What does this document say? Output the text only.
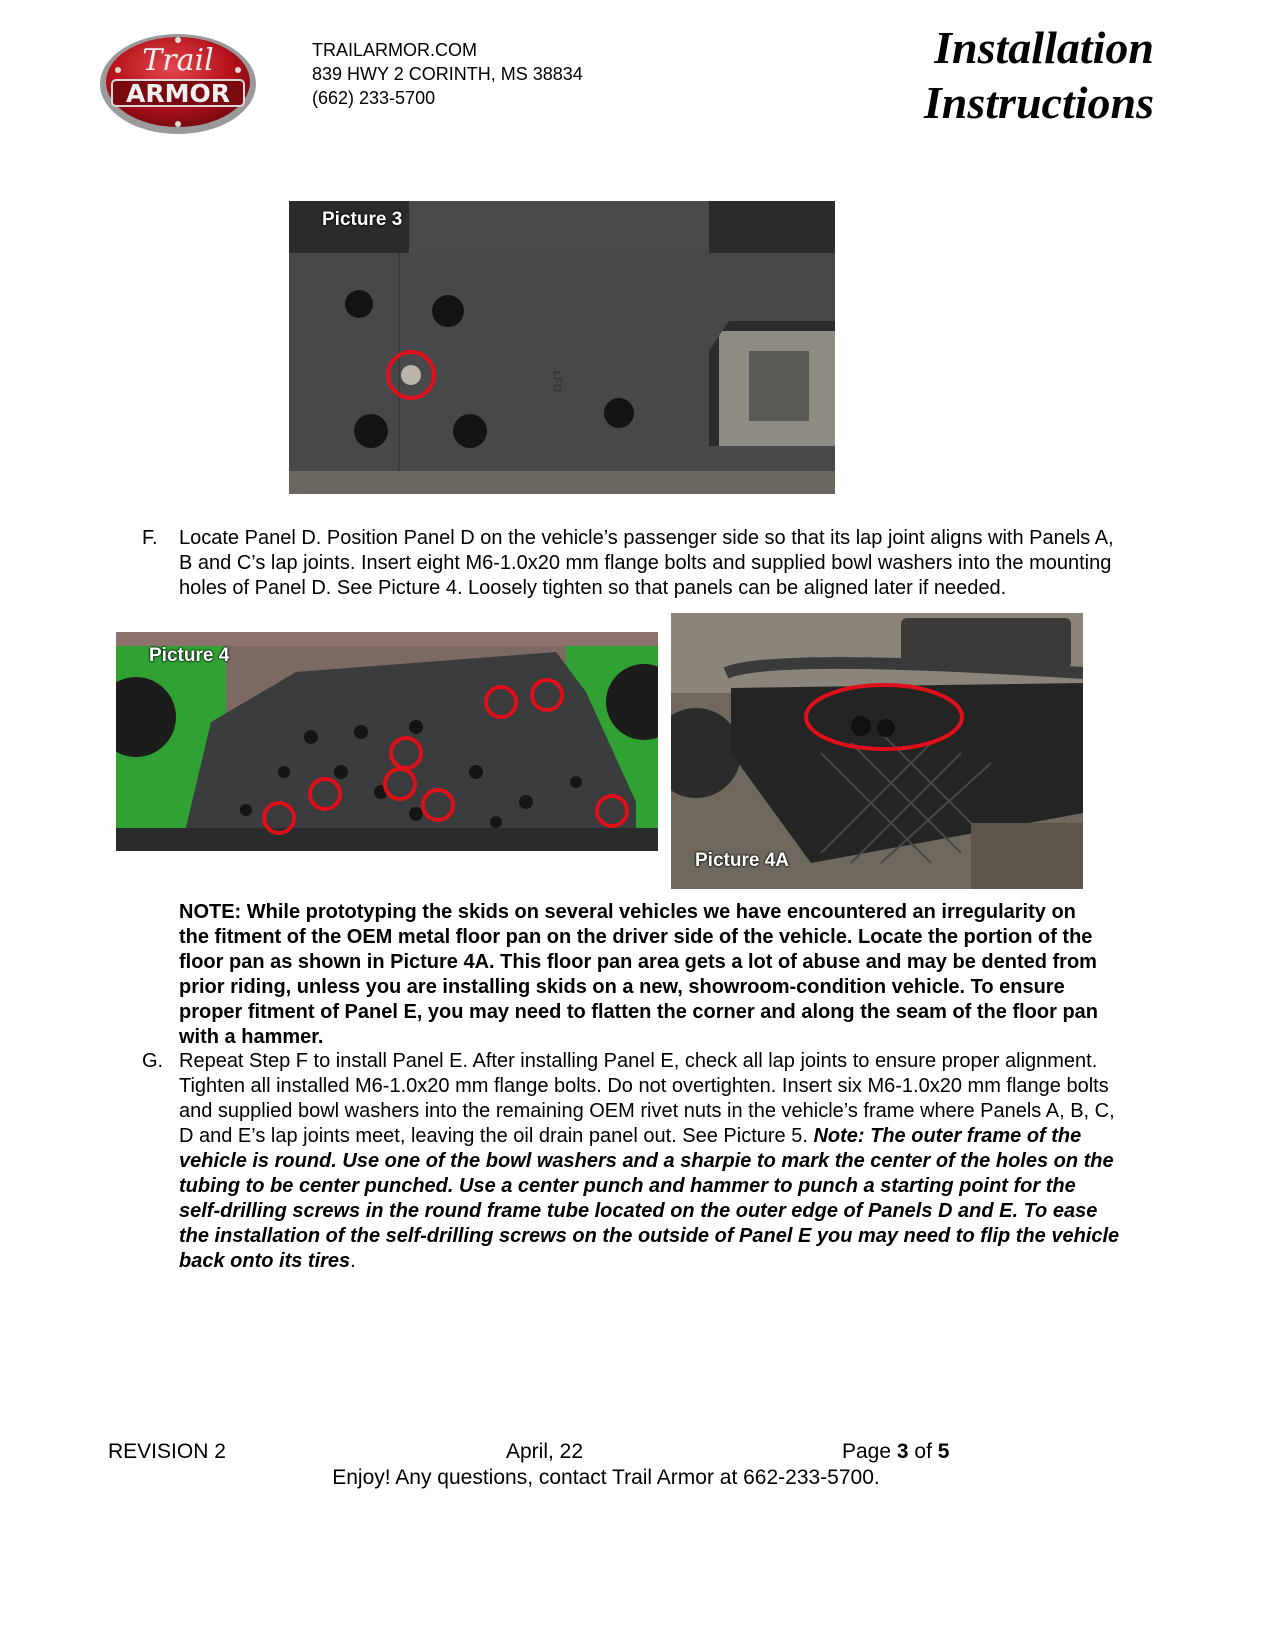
Trail
ARMOR
TRAILARMOR.COM
839 HWY 2 CORINTH, MS 38834
(662) 233-5700
Installation
Instructions
LFD
Picture 3
F. Locate Panel D. Position Panel D on the vehicle’s passenger side so that its lap joint aligns with Panels A, B and C’s lap joints. Insert eight M6-1.0x20 mm flange bolts and supplied bowl washers into the mounting holes of Panel D. See Picture 4. Loosely tighten so that panels can be aligned later if needed.
Picture 4
Picture 4A
NOTE: While prototyping the skids on several vehicles we have encountered an irregularity on the fitment of the OEM metal floor pan on the driver side of the vehicle. Locate the portion of the floor pan as shown in Picture 4A. This floor pan area gets a lot of abuse and may be dented from prior riding, unless you are installing skids on a new, showroom-condition vehicle. To ensure proper fitment of Panel E, you may need to flatten the corner and along the seam of the floor pan with a hammer.
G. Repeat Step F to install Panel E. After installing Panel E, check all lap joints to ensure proper alignment. Tighten all installed M6-1.0x20 mm flange bolts. Do not overtighten. Insert six M6-1.0x20 mm flange bolts and supplied bowl washers into the remaining OEM rivet nuts in the vehicle’s frame where Panels A, B, C, D and E’s lap joints meet, leaving the oil drain panel out. See Picture 5. Note: The outer frame of the vehicle is round. Use one of the bowl washers and a sharpie to mark the center of the holes on the tubing to be center punched. Use a center punch and hammer to punch a starting point for the self-drilling screws in the round frame tube located on the outer edge of Panels D and E. To ease the installation of the self-drilling screws on the outside of Panel E you may need to flip the vehicle back onto its tires.
REVISION 2	April, 22	Page 3 of 5
Enjoy! Any questions, contact Trail Armor at 662-233-5700.
